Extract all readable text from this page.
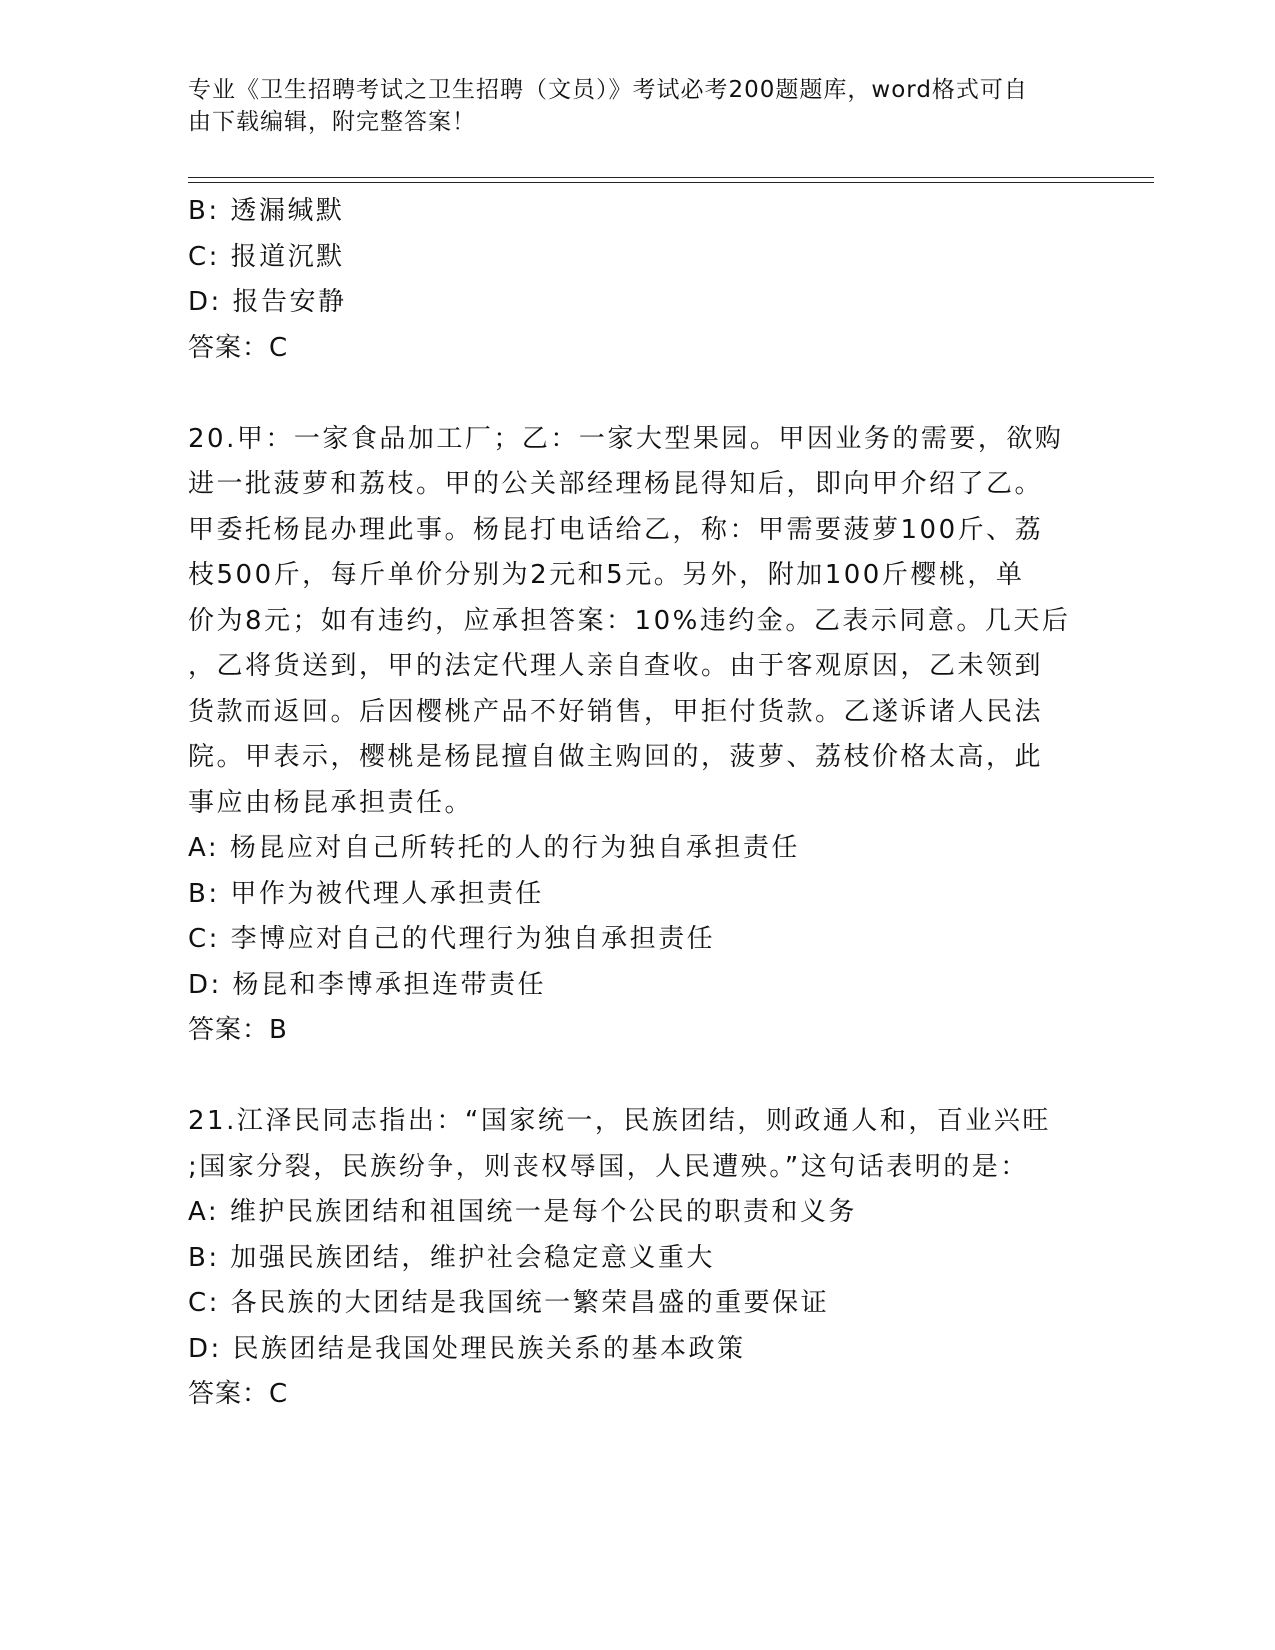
专业《卫生招聘考试之卫生招聘（文员）》考试必考200题题库，word格式可自
由下载编辑，附完整答案！
B: 透漏缄默
C: 报道沉默
D: 报告安静
答案：C
20.甲：一家食品加工厂；乙：一家大型果园。甲因业务的需要，欲购
进一批菠萝和荔枝。甲的公关部经理杨昆得知后，即向甲介绍了乙。
甲委托杨昆办理此事。杨昆打电话给乙，称：甲需要菠萝100斤、荔
枝500斤，每斤单价分别为2元和5元。另外，附加100斤樱桃，单
价为8元；如有违约，应承担答案：10%违约金。乙表示同意。几天后
，乙将货送到，甲的法定代理人亲自查收。由于客观原因，乙未领到
货款而返回。后因樱桃产品不好销售，甲拒付货款。乙遂诉诸人民法
院。甲表示，樱桃是杨昆擅自做主购回的，菠萝、荔枝价格太高，此
事应由杨昆承担责任。
A: 杨昆应对自己所转托的人的行为独自承担责任
B: 甲作为被代理人承担责任
C: 李博应对自己的代理行为独自承担责任
D: 杨昆和李博承担连带责任
答案：B
21.江泽民同志指出：“国家统一，民族团结，则政通人和，百业兴旺
;国家分裂，民族纷争，则丧权辱国，人民遭殃。”这句话表明的是：
A: 维护民族团结和祖国统一是每个公民的职责和义务
B: 加强民族团结，维护社会稳定意义重大
C: 各民族的大团结是我国统一繁荣昌盛的重要保证
D: 民族团结是我国处理民族关系的基本政策
答案：C
